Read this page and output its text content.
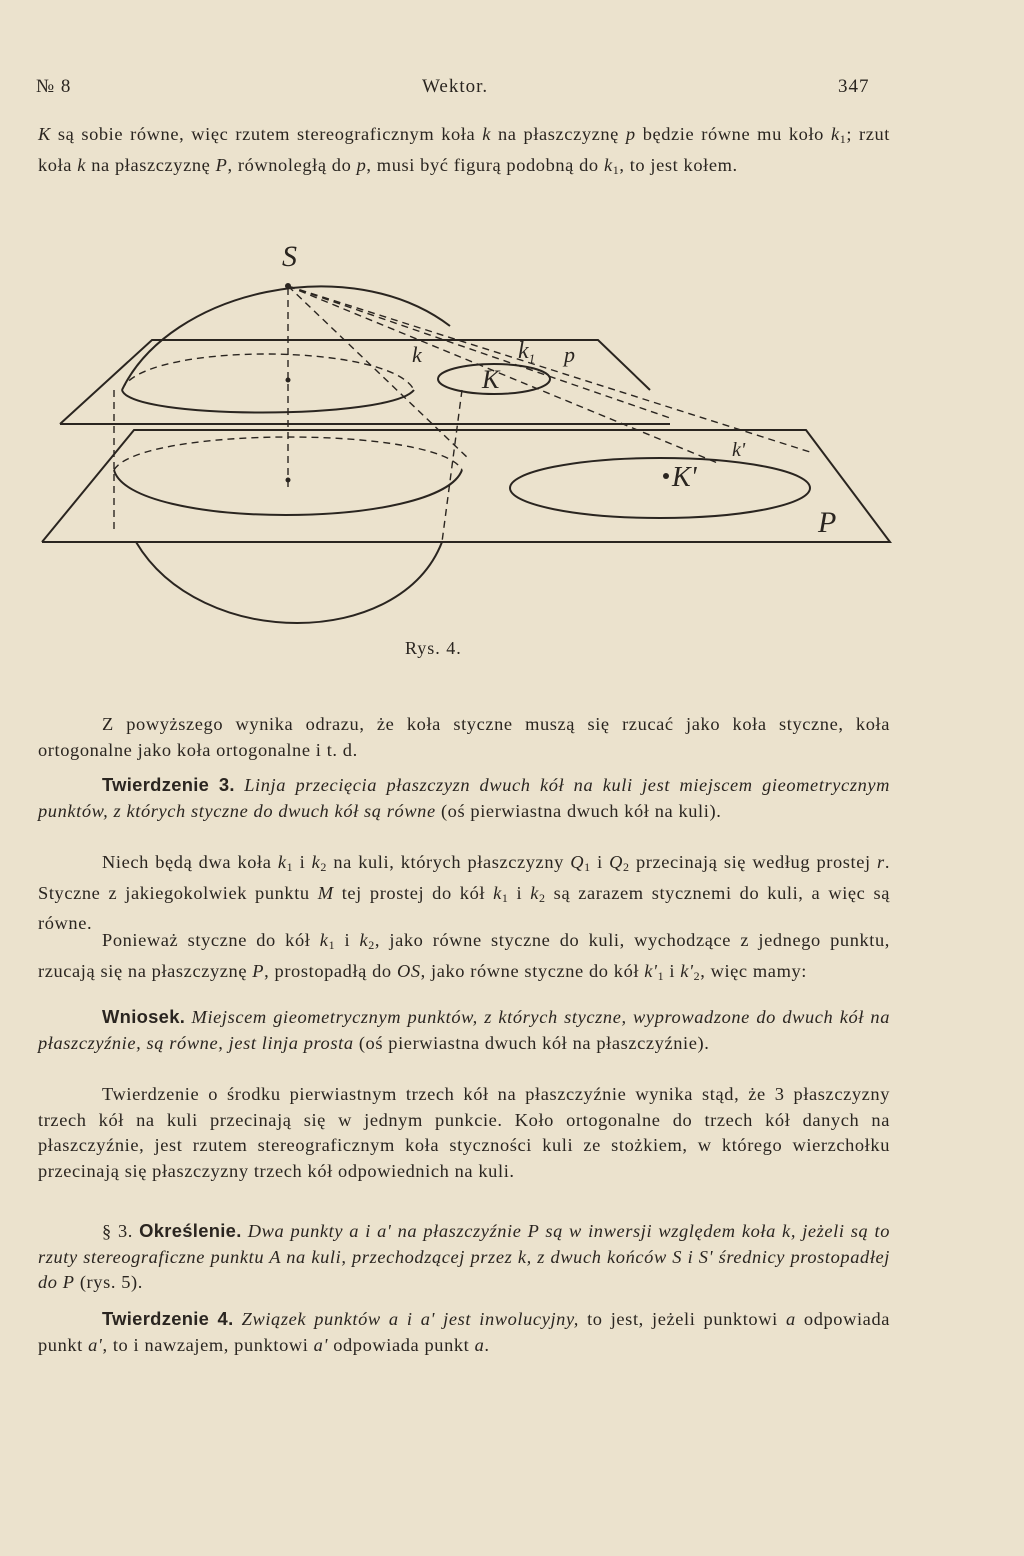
№ 8	Wektor.	347

K są sobie równe, więc rzutem stereograficznym koła k na płaszczyznę p będzie równe mu koło $k_1$; rzut koła k na płaszczyznę P, równoległą do p, musi być figurą podobną do $k_1$, to jest kołem.

S
$k_1$ p
k
K
k'
K'
P
Rys. 4.

Z powyższego wynika odrazu, że koła styczne muszą się rzucać jako koła styczne, koła ortogonalne jako koła ortogonalne i t. d.

Twierdzenie 3. Linja przecięcia płaszczyzn dwuch kół na kuli jest miejscem gieometrycznym punktów, z których styczne do dwuch kół są równe (oś pierwiastna dwuch kół na kuli).

Niech będą dwa koła $k_1$ i $k_2$ na kuli, których płaszczyzny $Q_1$ i $Q_2$ przecinają się według prostej r. Styczne z jakiegokolwiek punktu M tej prostej do kół $k_1$ i $k_2$ są zarazem stycznemi do kuli, a więc są równe.

Ponieważ styczne do kół $k_1$ i $k_2$, jako równe styczne do kuli, wychodzące z jednego punktu, rzucają się na płaszczyznę P, prostopadłą do OS, jako równe styczne do kół $k'_1$ i $k'_2$, więc mamy:

Wniosek. Miejscem gieometrycznym punktów, z których styczne, wyprowadzone do dwuch kół na płaszczyźnie, są równe, jest linja prosta (oś pierwiastna dwuch kół na płaszczyźnie).

Twierdzenie o środku pierwiastnym trzech kół na płaszczyźnie wynika stąd, że 3 płaszczyzny trzech kół na kuli przecinają się w jednym punkcie. Koło ortogonalne do trzech kół danych na płaszczyźnie, jest rzutem stereograficznym koła styczności kuli ze stożkiem, w którego wierzchołku przecinają się płaszczyzny trzech kół odpowiednich na kuli.

§ 3. Określenie. Dwa punkty a i a' na płaszczyźnie P są w inwersji względem koła k, jeżeli są to rzuty stereograficzne punktu A na kuli, przechodzącej przez k, z dwuch końców S i S' średnicy prostopadłej do P (rys. 5).

Twierdzenie 4. Związek punktów a i a' jest inwolucyjny, to jest, jeżeli punktowi a odpowiada punkt a', to i nawzajem, punktowi a' odpowiada punkt a.
